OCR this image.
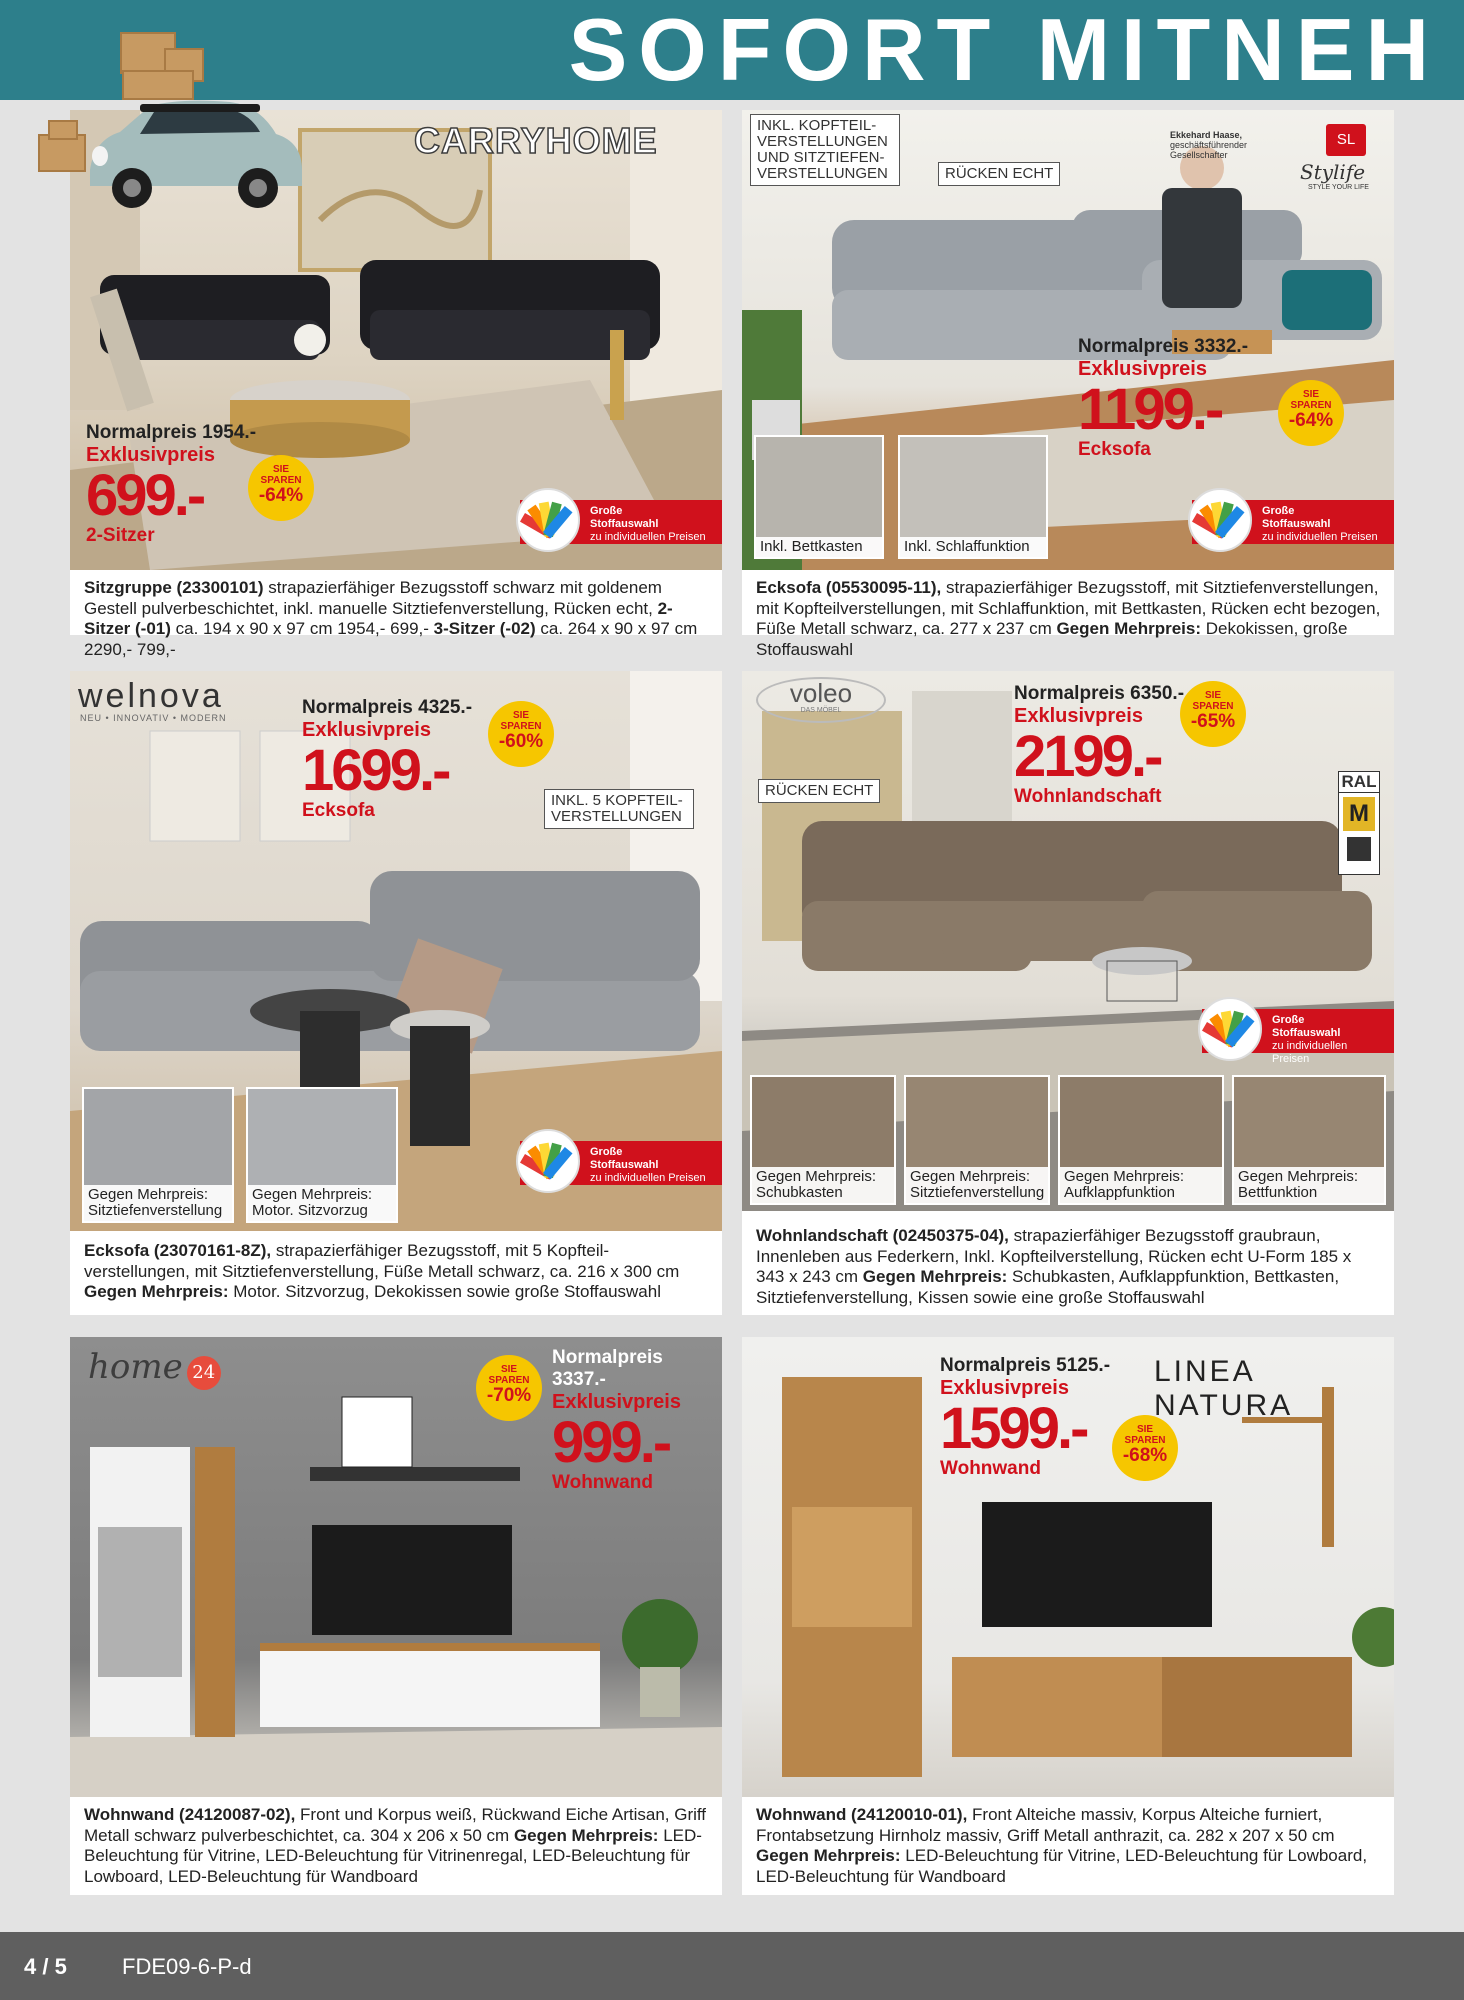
SOFORT MITNEH
Normalpreis 1954.-
Exklusivpreis
699.-
2-Sitzer
SIE
SPAREN
-64%
Große
Stoffauswahl
zu individuellen Preisen
CARRYHOME
Sitzgruppe (23300101) strapazierfähiger Bezugsstoff schwarz mit goldenem Gestell pulverbeschichtet, inkl. manuelle Sitztiefenverstellung, Rücken echt, 2-Sitzer (-01) ca. 194 x 90 x 97 cm 1954,- 699,- 3-Sitzer (-02) ca. 264 x 90 x 97 cm 2290,- 799,-
INKL. KOPFTEIL- VERSTELLUNGEN UND SITZTIEFEN- VERSTELLUNGEN	RÜCKEN ECHT
Ekkehard Haase,
geschäftsführender Gesellschafter
SL
Stylife
STYLE YOUR LIFE
Normalpreis 3332.-
Exklusivpreis
1199.-
Ecksofa
SIE
SPAREN
-64%
Inkl. Bettkasten	Inkl. Schlaffunktion
Große
Stoffauswahl
zu individuellen Preisen
Ecksofa (05530095-11), strapazierfähiger Bezugsstoff, mit Sitztiefenverstellungen, mit Kopfteilverstellungen, mit Schlaffunktion, mit Bettkasten, Rücken echt bezogen, Füße Metall schwarz, ca. 277 x 237 cm Gegen Mehrpreis: Dekokissen, große Stoffauswahl
welnova
NEU • INNOVATIV • MODERN	Normalpreis 4325.-
Exklusivpreis
1699.-
Ecksofa
SIE
SPAREN
-60%
INKL. 5 KOPFTEIL- VERSTELLUNGEN
Gegen Mehrpreis: Sitztiefenverstellung
Gegen Mehrpreis: Motor. Sitzvorzug
Große
Stoffauswahl
zu individuellen Preisen
Ecksofa (23070161-8Z), strapazierfähiger Bezugsstoff, mit 5 Kopfteil-verstellungen, mit Sitztiefenverstellung, Füße Metall schwarz, ca. 216 x 300 cm Gegen Mehrpreis: Motor. Sitzvorzug, Dekokissen sowie große Stoffauswahl
voleo
DAS MÖBEL
RÜCKEN ECHT
Normalpreis 6350.-
Exklusivpreis
2199.-
Wohnlandschaft
SIE
SPAREN
-65%
RAL
M
Große
Stoffauswahl
zu individuellen Preisen
Gegen Mehrpreis: Schubkasten
Gegen Mehrpreis: Sitztiefenverstellung
Gegen Mehrpreis: Aufklappfunktion
Gegen Mehrpreis: Bettfunktion
Wohnlandschaft (02450375-04), strapazierfähiger Bezugsstoff graubraun, Innenleben aus Federkern, Inkl. Kopfteilverstellung, Rücken echt U-Form 185 x 343 x 243 cm Gegen Mehrpreis: Schubkasten, Aufklappfunktion, Bettkasten, Sitztiefenverstellung, Kissen sowie eine große Stoffauswahl
home 24	SIE
SPAREN
-70%
Normalpreis 3337.-
Exklusivpreis
999.-
Wohnwand
Wohnwand (24120087-02), Front und Korpus weiß, Rückwand Eiche Artisan, Griff Metall schwarz pulverbeschichtet, ca. 304 x 206 x 50 cm Gegen Mehrpreis: LED-Beleuchtung für Vitrine, LED-Beleuchtung für Vitrinenregal, LED-Beleuchtung für Lowboard, LED-Beleuchtung für Wandboard
Normalpreis 5125.-
Exklusivpreis
1599.-
Wohnwand
SIE
SPAREN
-68%
LINEA NATURA
Wohnwand (24120010-01), Front Alteiche massiv, Korpus Alteiche furniert, Frontabsetzung Hirnholz massiv, Griff Metall anthrazit, ca. 282 x 207 x 50 cm Gegen Mehrpreis: LED-Beleuchtung für Vitrine, LED-Beleuchtung für Lowboard, LED-Beleuchtung für Wandboard
4 / 5	FDE09-6-P-d
